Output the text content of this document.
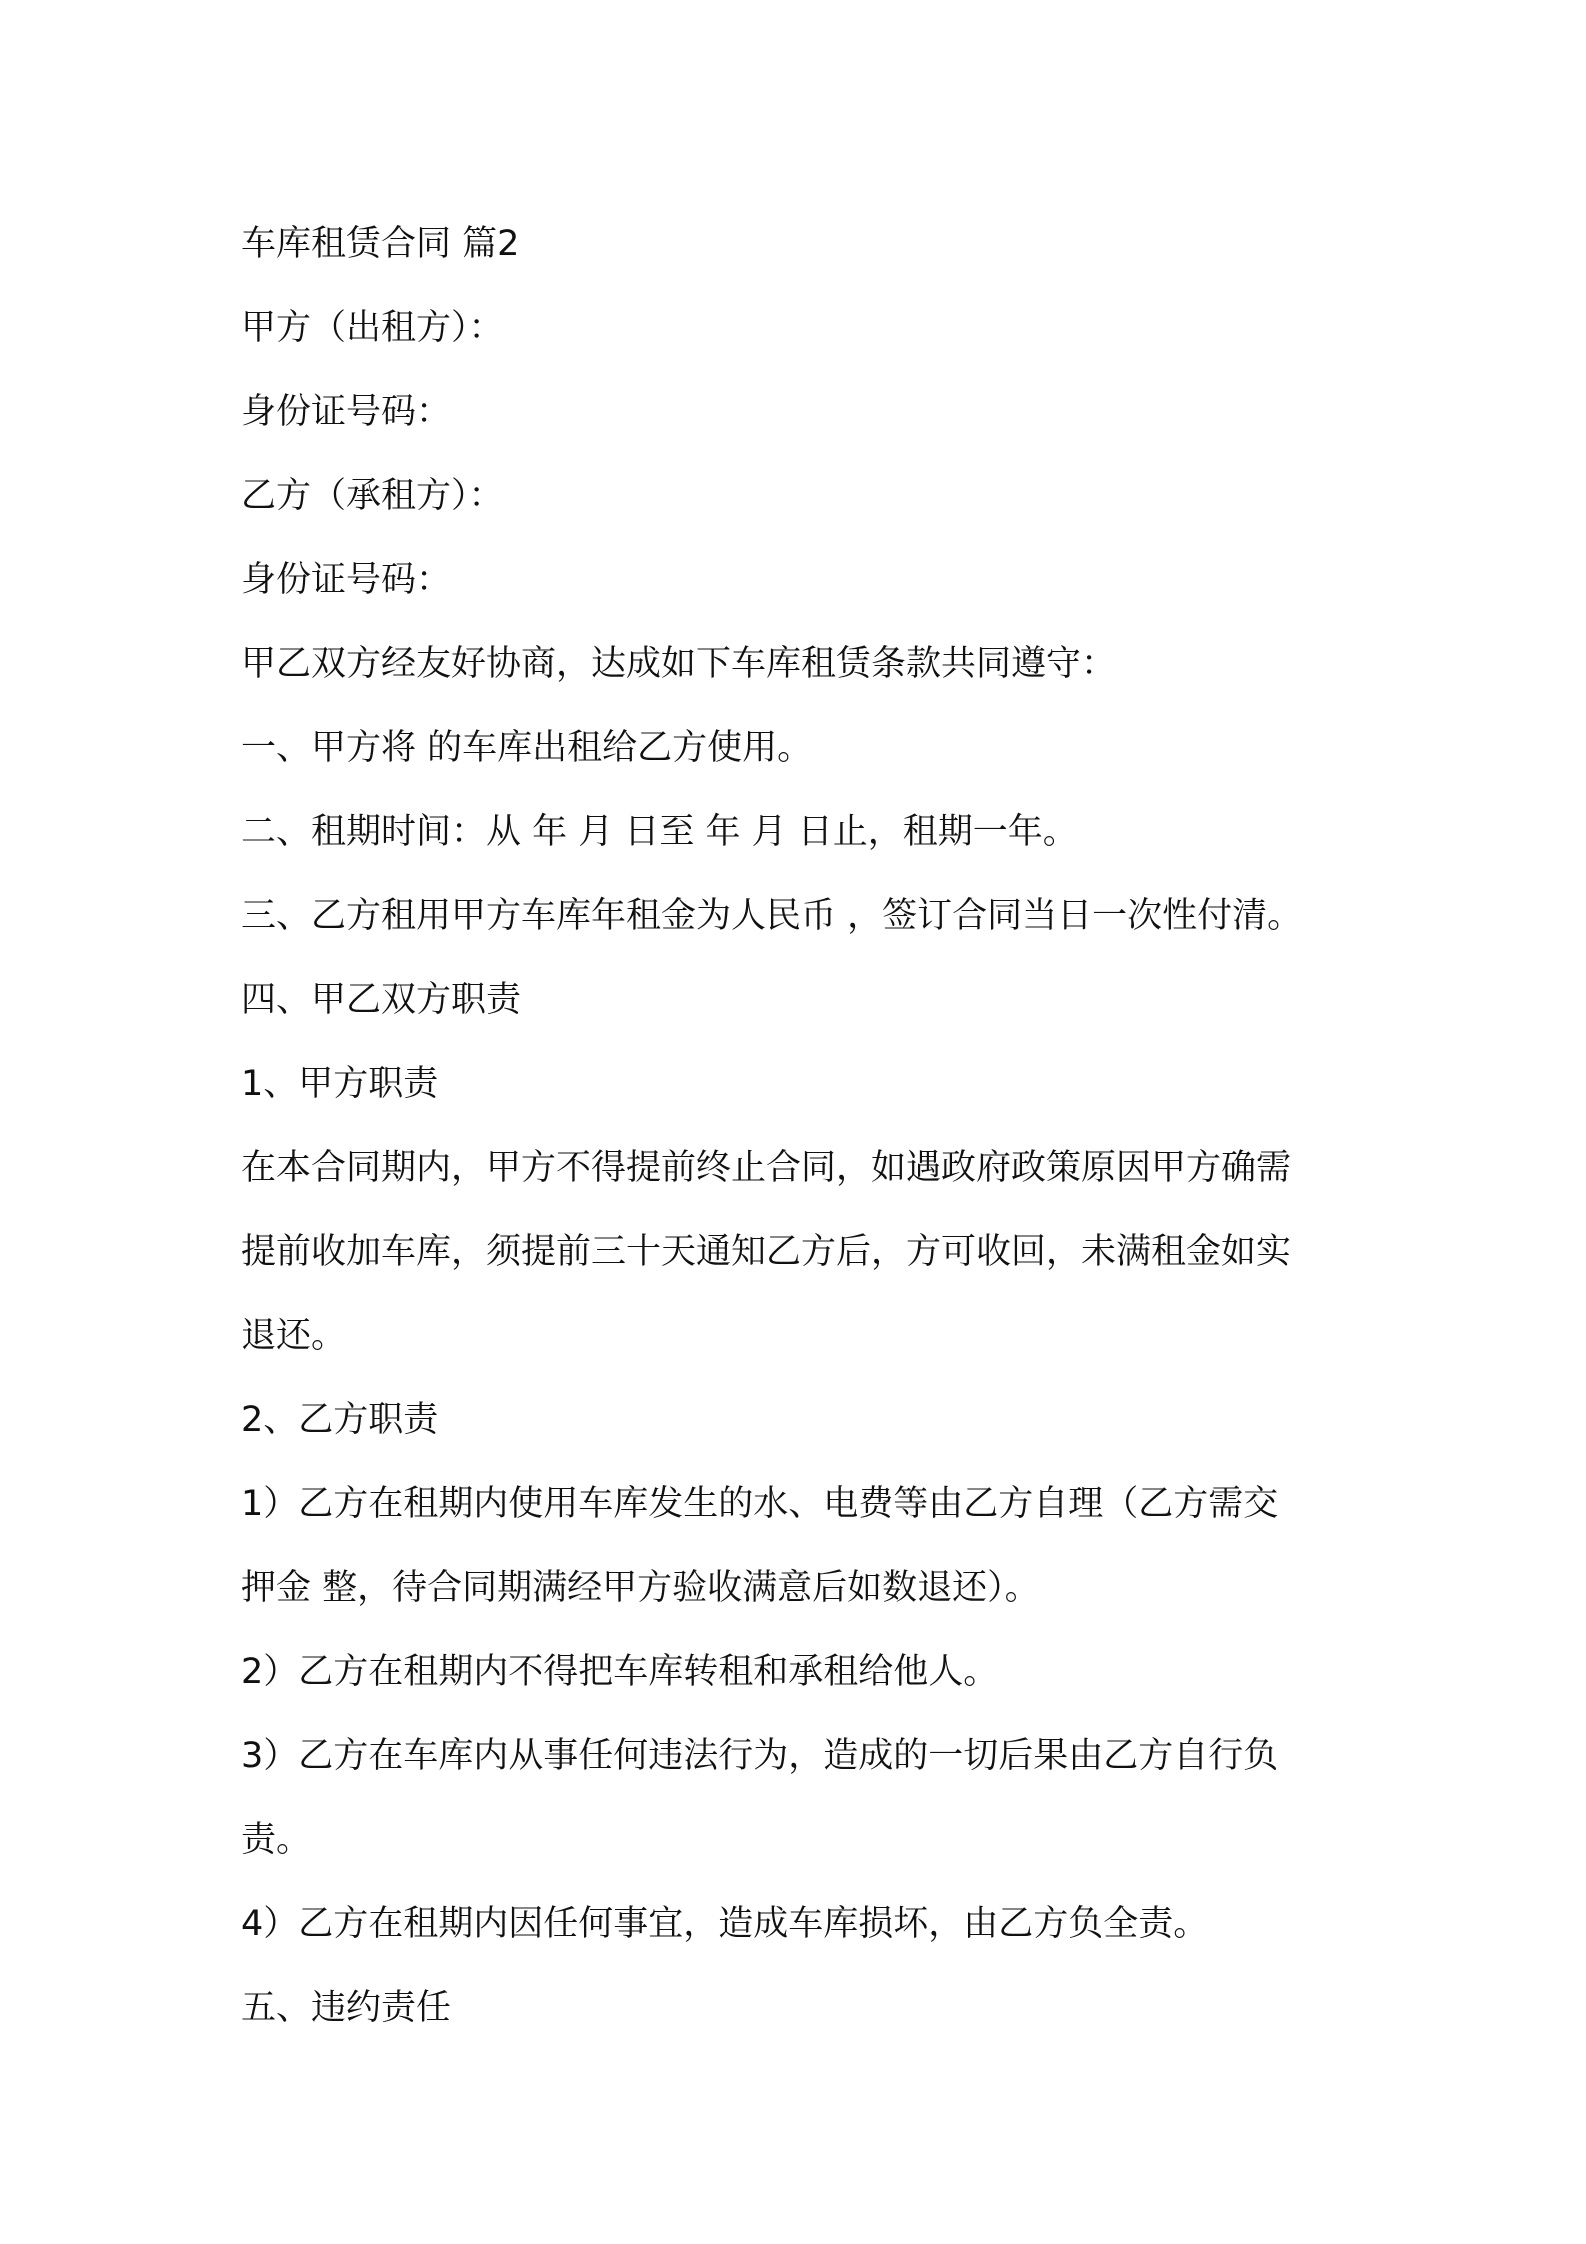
车库租赁合同 篇2

甲方（出租方）：

身份证号码：

乙方（承租方）：

身份证号码：

甲乙双方经友好协商，达成如下车库租赁条款共同遵守：

一、甲方将 的车库出租给乙方使用。

二、租期时间：从 年 月 日至 年 月 日止，租期一年。

三、乙方租用甲方车库年租金为人民币 ，签订合同当日一次性付清。

四、甲乙双方职责

1、甲方职责

在本合同期内，甲方不得提前终止合同，如遇政府政策原因甲方确需

提前收加车库，须提前三十天通知乙方后，方可收回，未满租金如实

退还。

2、乙方职责

1）乙方在租期内使用车库发生的水、电费等由乙方自理（乙方需交

押金 整，待合同期满经甲方验收满意后如数退还）。

2）乙方在租期内不得把车库转租和承租给他人。

3）乙方在车库内从事任何违法行为，造成的一切后果由乙方自行负

责。

4）乙方在租期内因任何事宜，造成车库损坏，由乙方负全责。

五、违约责任
